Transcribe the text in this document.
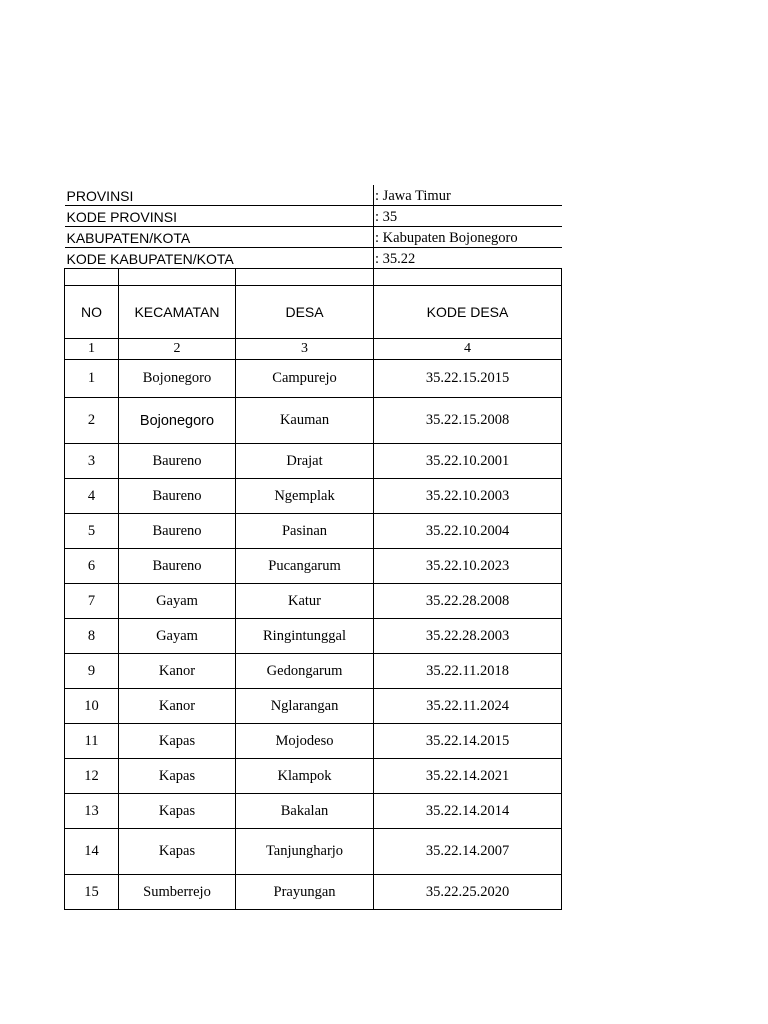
PROVINSI			: Jawa Timur
KODE PROVINSI			: 35
KABUPATEN/KOTA			: Kabupaten Bojonegoro
KODE KABUPATEN/KOTA			: 35.22

NO	KECAMATAN	DESA	KODE DESA
1	2	3	4
1	Bojonegoro	Campurejo	35.22.15.2015
2	Bojonegoro	Kauman	35.22.15.2008
3	Baureno	Drajat	35.22.10.2001
4	Baureno	Ngemplak	35.22.10.2003
5	Baureno	Pasinan	35.22.10.2004
6	Baureno	Pucangarum	35.22.10.2023
7	Gayam	Katur	35.22.28.2008
8	Gayam	Ringintunggal	35.22.28.2003
9	Kanor	Gedongarum	35.22.11.2018
10	Kanor	Nglarangan	35.22.11.2024
11	Kapas	Mojodeso	35.22.14.2015
12	Kapas	Klampok	35.22.14.2021
13	Kapas	Bakalan	35.22.14.2014
14	Kapas	Tanjungharjo	35.22.14.2007
15	Sumberrejo	Prayungan	35.22.25.2020
